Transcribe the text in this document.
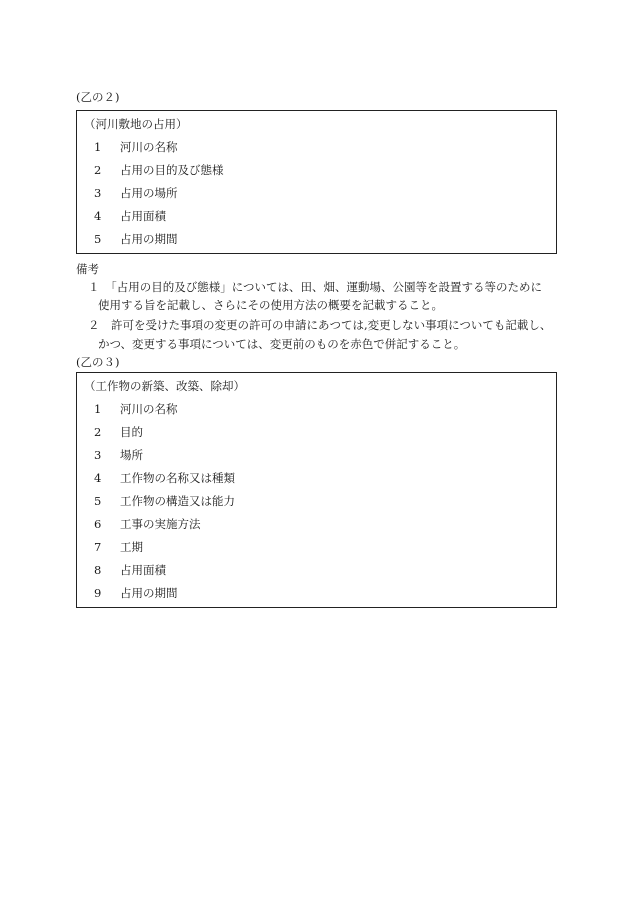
(乙の２)
（河川敷地の占用）
1 河川の名称
2 占用の目的及び態様
3 占用の場所
4 占用面積
5 占用の期間
備考
１　「占用の目的及び態様」については、田、畑、運動場、公園等を設置する等のために
使用する旨を記載し、さらにその使用方法の概要を記載すること。
２　許可を受けた事項の変更の許可の申請にあつては,変更しない事項についても記載し、
かつ、変更する事項については、変更前のものを赤色で併記すること。
(乙の３)
（工作物の新築、改築、除却）
1 河川の名称
2 目的
3 場所
4 工作物の名称又は種類
5 工作物の構造又は能力
6 工事の実施方法
7 工期
8 占用面積
9 占用の期間
